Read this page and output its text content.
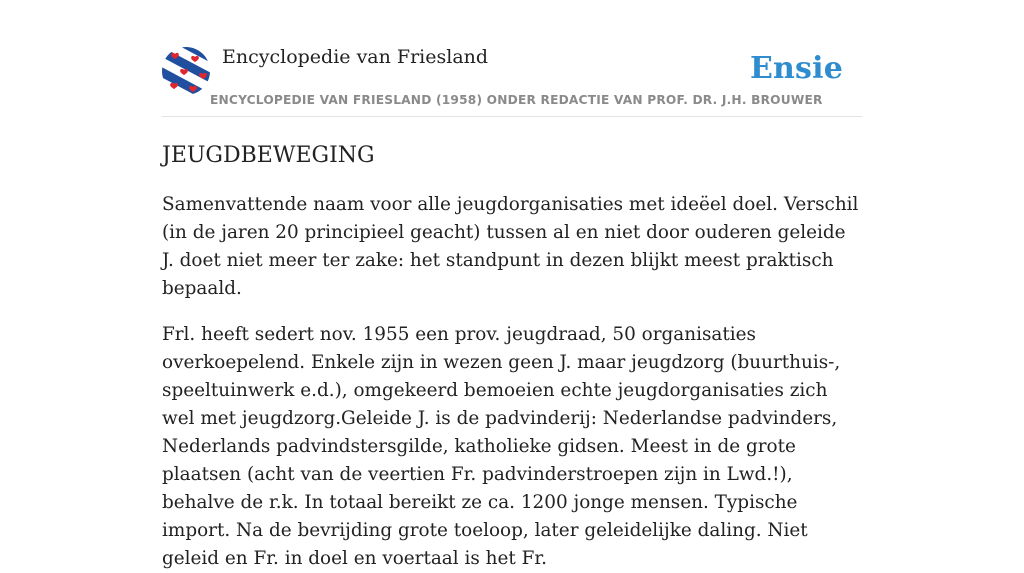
Encyclopedie van Friesland	Ensie
ENCYCLOPEDIE VAN FRIESLAND (1958) ONDER REDACTIE VAN PROF. DR. J.H. BROUWER
JEUGDBEWEGING

Samenvattende naam voor alle jeugdorganisaties met ideëel doel. Verschil (in de jaren 20 principieel geacht) tussen al en niet door ouderen geleide J. doet niet meer ter zake: het standpunt in dezen blijkt meest praktisch bepaald.

Frl. heeft sedert nov. 1955 een prov. jeugdraad, 50 organisaties overkoepelend. Enkele zijn in wezen geen J. maar jeugdzorg (buurthuis-, speeltuinwerk e.d.), omgekeerd bemoeien echte jeugdorganisaties zich wel met jeugdzorg.Geleide J. is de padvinderij: Nederlandse padvinders, Nederlands padvindstersgilde, katholieke gidsen. Meest in de grote plaatsen (acht van de veertien Fr. padvinderstroepen zijn in Lwd.!), behalve de r.k. In totaal bereikt ze ca. 1200 jonge mensen. Typische import. Na de bevrijding grote toeloop, later geleidelijke daling. Niet geleid en Fr. in doel en voertaal is het Fr.
